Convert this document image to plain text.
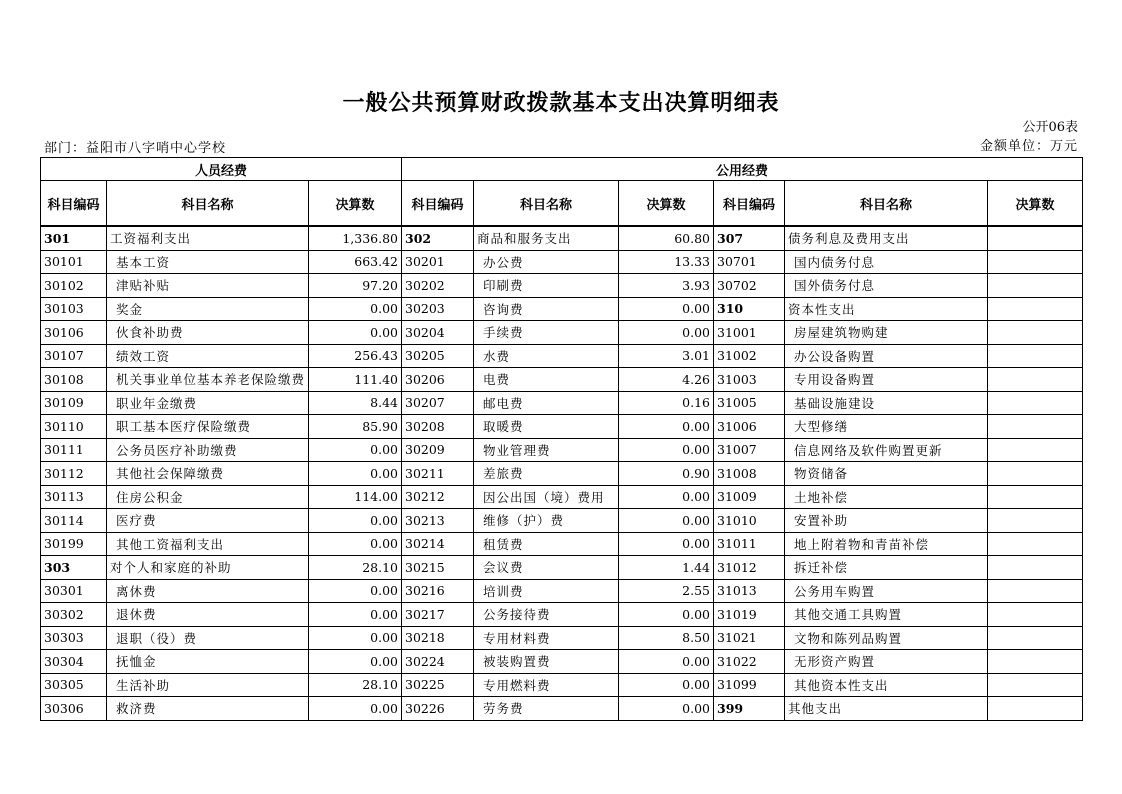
一般公共预算财政拨款基本支出决算明细表
公开06表
部门：益阳市八字哨中心学校	金额单位：万元
人员经费			公用经费					
科目编码	科目名称	决算数	科目编码	科目名称	决算数	科目编码	科目名称	决算数
301	工资福利支出	1,336.80	302	商品和服务支出	60.80	307	债务利息及费用支出	
30101	基本工资	663.42	30201	办公费	13.33	30701	国内债务付息	
30102	津贴补贴	97.20	30202	印刷费	3.93	30702	国外债务付息	
30103	奖金	0.00	30203	咨询费	0.00	310	资本性支出	
30106	伙食补助费	0.00	30204	手续费	0.00	31001	房屋建筑物购建	
30107	绩效工资	256.43	30205	水费	3.01	31002	办公设备购置	
30108	机关事业单位基本养老保险缴费	111.40	30206	电费	4.26	31003	专用设备购置	
30109	职业年金缴费	8.44	30207	邮电费	0.16	31005	基础设施建设	
30110	职工基本医疗保险缴费	85.90	30208	取暖费	0.00	31006	大型修缮	
30111	公务员医疗补助缴费	0.00	30209	物业管理费	0.00	31007	信息网络及软件购置更新	
30112	其他社会保障缴费	0.00	30211	差旅费	0.90	31008	物资储备	
30113	住房公积金	114.00	30212	因公出国（境）费用	0.00	31009	土地补偿	
30114	医疗费	0.00	30213	维修（护）费	0.00	31010	安置补助	
30199	其他工资福利支出	0.00	30214	租赁费	0.00	31011	地上附着物和青苗补偿	
303	对个人和家庭的补助	28.10	30215	会议费	1.44	31012	拆迁补偿	
30301	离休费	0.00	30216	培训费	2.55	31013	公务用车购置	
30302	退休费	0.00	30217	公务接待费	0.00	31019	其他交通工具购置	
30303	退职（役）费	0.00	30218	专用材料费	8.50	31021	文物和陈列品购置	
30304	抚恤金	0.00	30224	被装购置费	0.00	31022	无形资产购置	
30305	生活补助	28.10	30225	专用燃料费	0.00	31099	其他资本性支出	
30306	救济费	0.00	30226	劳务费	0.00	399	其他支出	
